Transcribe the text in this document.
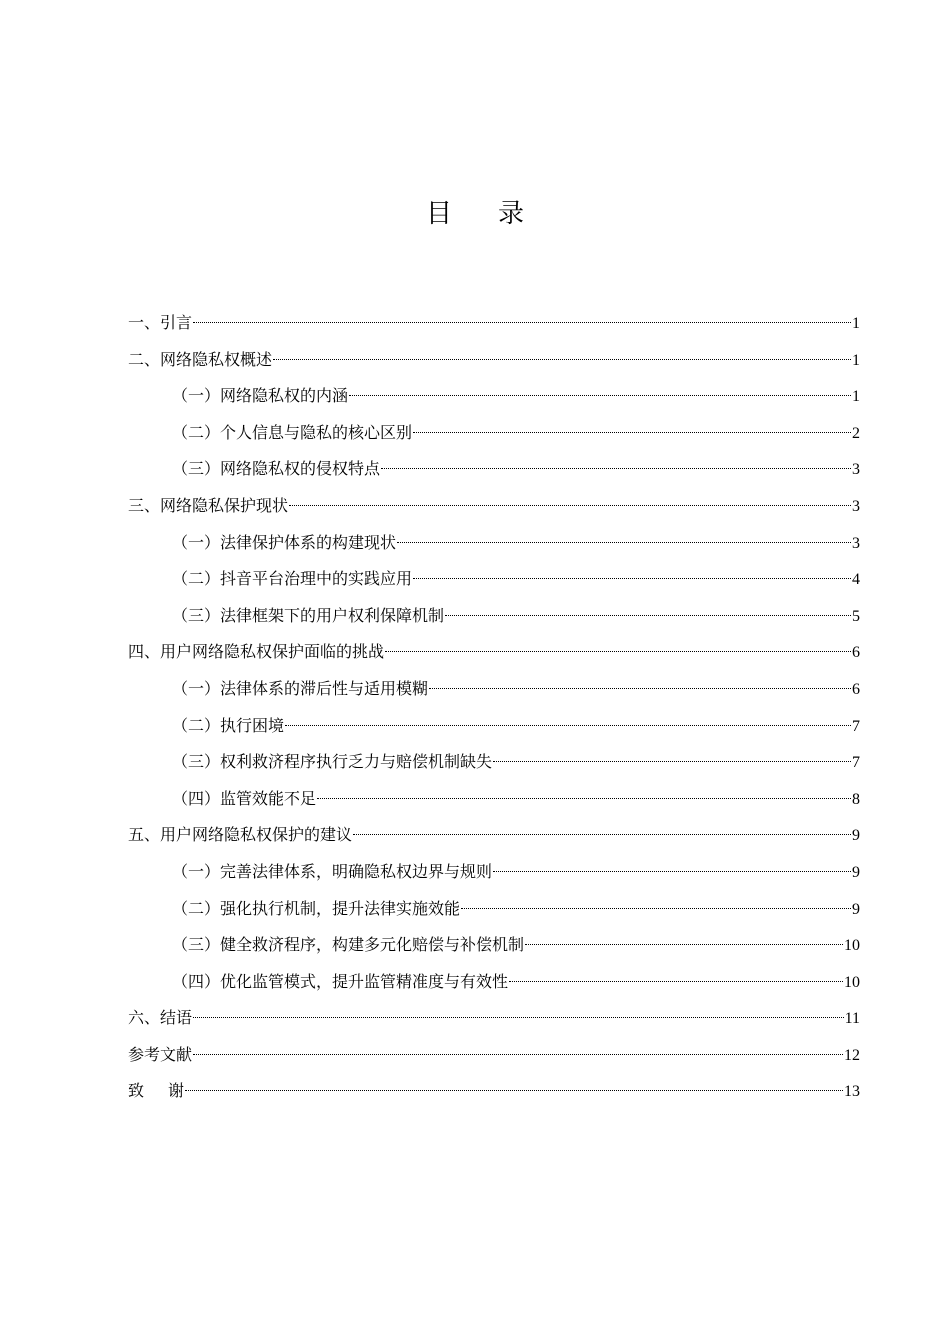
目 录
一、引言	1
二、网络隐私权概述	1
（一）网络隐私权的内涵	1
（二）个人信息与隐私的核心区别	2
（三）网络隐私权的侵权特点	3
三、网络隐私保护现状	3
（一）法律保护体系的构建现状	3
（二）抖音平台治理中的实践应用	4
（三）法律框架下的用户权利保障机制	5
四、用户网络隐私权保护面临的挑战	6
（一）法律体系的滞后性与适用模糊	6
（二）执行困境	7
（三）权利救济程序执行乏力与赔偿机制缺失	7
（四）监管效能不足	8
五、用户网络隐私权保护的建议	9
（一）完善法律体系，明确隐私权边界与规则	9
（二）强化执行机制，提升法律实施效能	9
（三）健全救济程序，构建多元化赔偿与补偿机制	10
（四）优化监管模式，提升监管精准度与有效性	10
六、结语	11
参考文献	12
致 谢	13
